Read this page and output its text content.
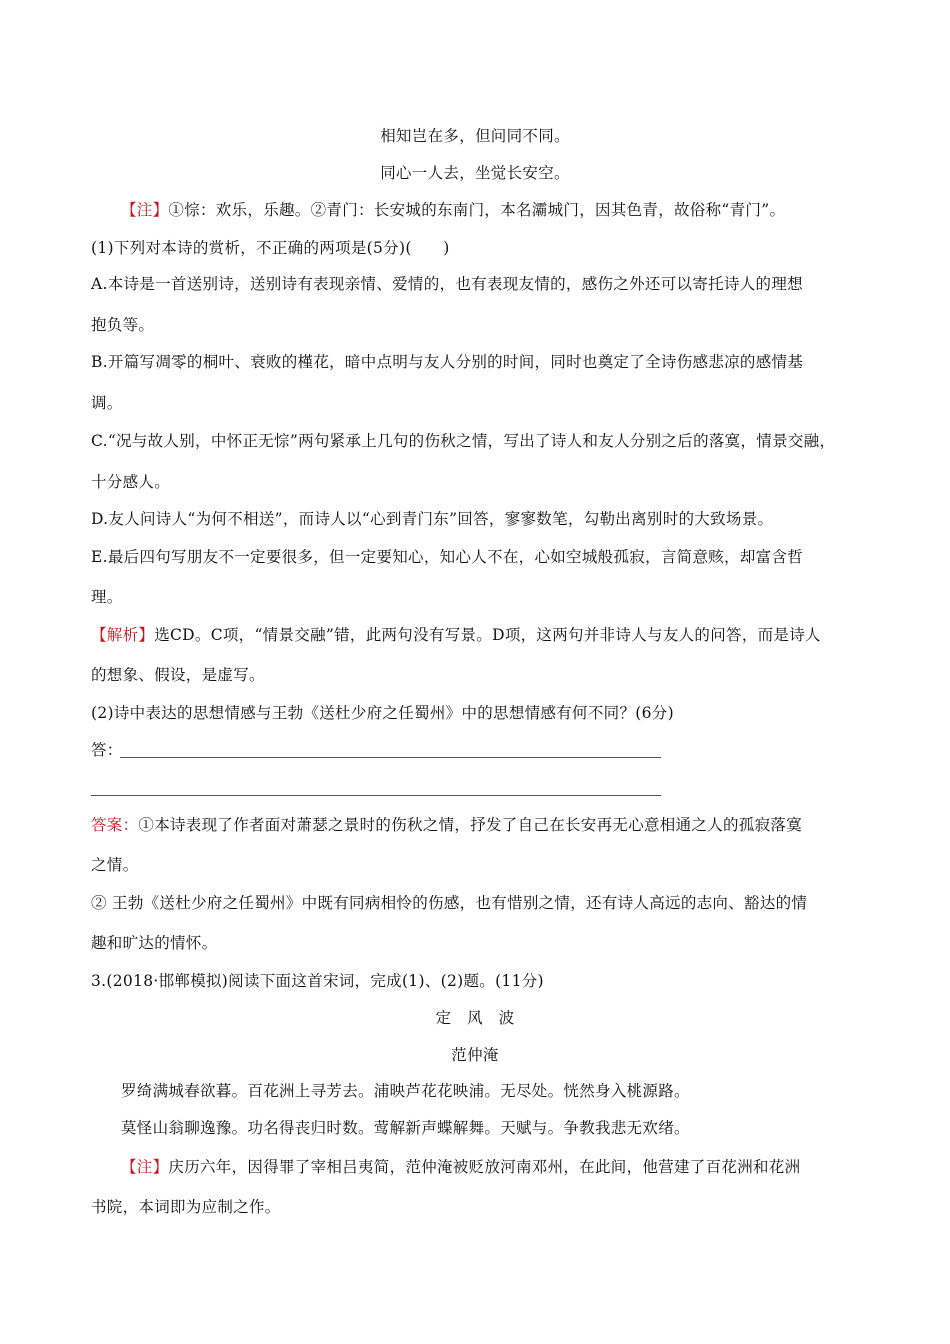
相知岂在多，但问同不同。
同心一人去，坐觉长安空。
【注】①悰：欢乐，乐趣。②青门：长安城的东南门，本名灞城门，因其色青，故俗称“青门”。
(1)下列对本诗的赏析，不正确的两项是(5分)(　　)
A.本诗是一首送别诗，送别诗有表现亲情、爱情的，也有表现友情的，感伤之外还可以寄托诗人的理想
抱负等。
B.开篇写凋零的桐叶、衰败的槿花，暗中点明与友人分别的时间，同时也奠定了全诗伤感悲凉的感情基
调。
C.“况与故人别，中怀正无悰”两句紧承上几句的伤秋之情，写出了诗人和友人分别之后的落寞，情景交融，
十分感人。
D.友人问诗人“为何不相送”，而诗人以“心到青门东”回答，寥寥数笔，勾勒出离别时的大致场景。
E.最后四句写朋友不一定要很多，但一定要知心，知心人不在，心如空城般孤寂，言简意赅，却富含哲
理。
【解析】选CD。C项，“情景交融”错，此两句没有写景。D项，这两句并非诗人与友人的问答，而是诗人
的想象、假设，是虚写。
(2)诗中表达的思想情感与王勃《送杜少府之任蜀州》中的思想情感有何不同？(6分)
答：
答案：①本诗表现了作者面对萧瑟之景时的伤秋之情，抒发了自己在长安再无心意相通之人的孤寂落寞
之情。
② 王勃《送杜少府之任蜀州》中既有同病相怜的伤感，也有惜别之情，还有诗人高远的志向、豁达的情
趣和旷达的情怀。
3.(2018·邯郸模拟)阅读下面这首宋词，完成(1)、(2)题。(11分)
定　风　波
范仲淹
罗绮满城春欲暮。百花洲上寻芳去。浦映芦花花映浦。无尽处。恍然身入桃源路。
莫怪山翁聊逸豫。功名得丧归时数。莺解新声蝶解舞。天赋与。争教我悲无欢绪。
【注】庆历六年，因得罪了宰相吕夷简，范仲淹被贬放河南邓州，在此间，他营建了百花洲和花洲
书院，本词即为应制之作。
